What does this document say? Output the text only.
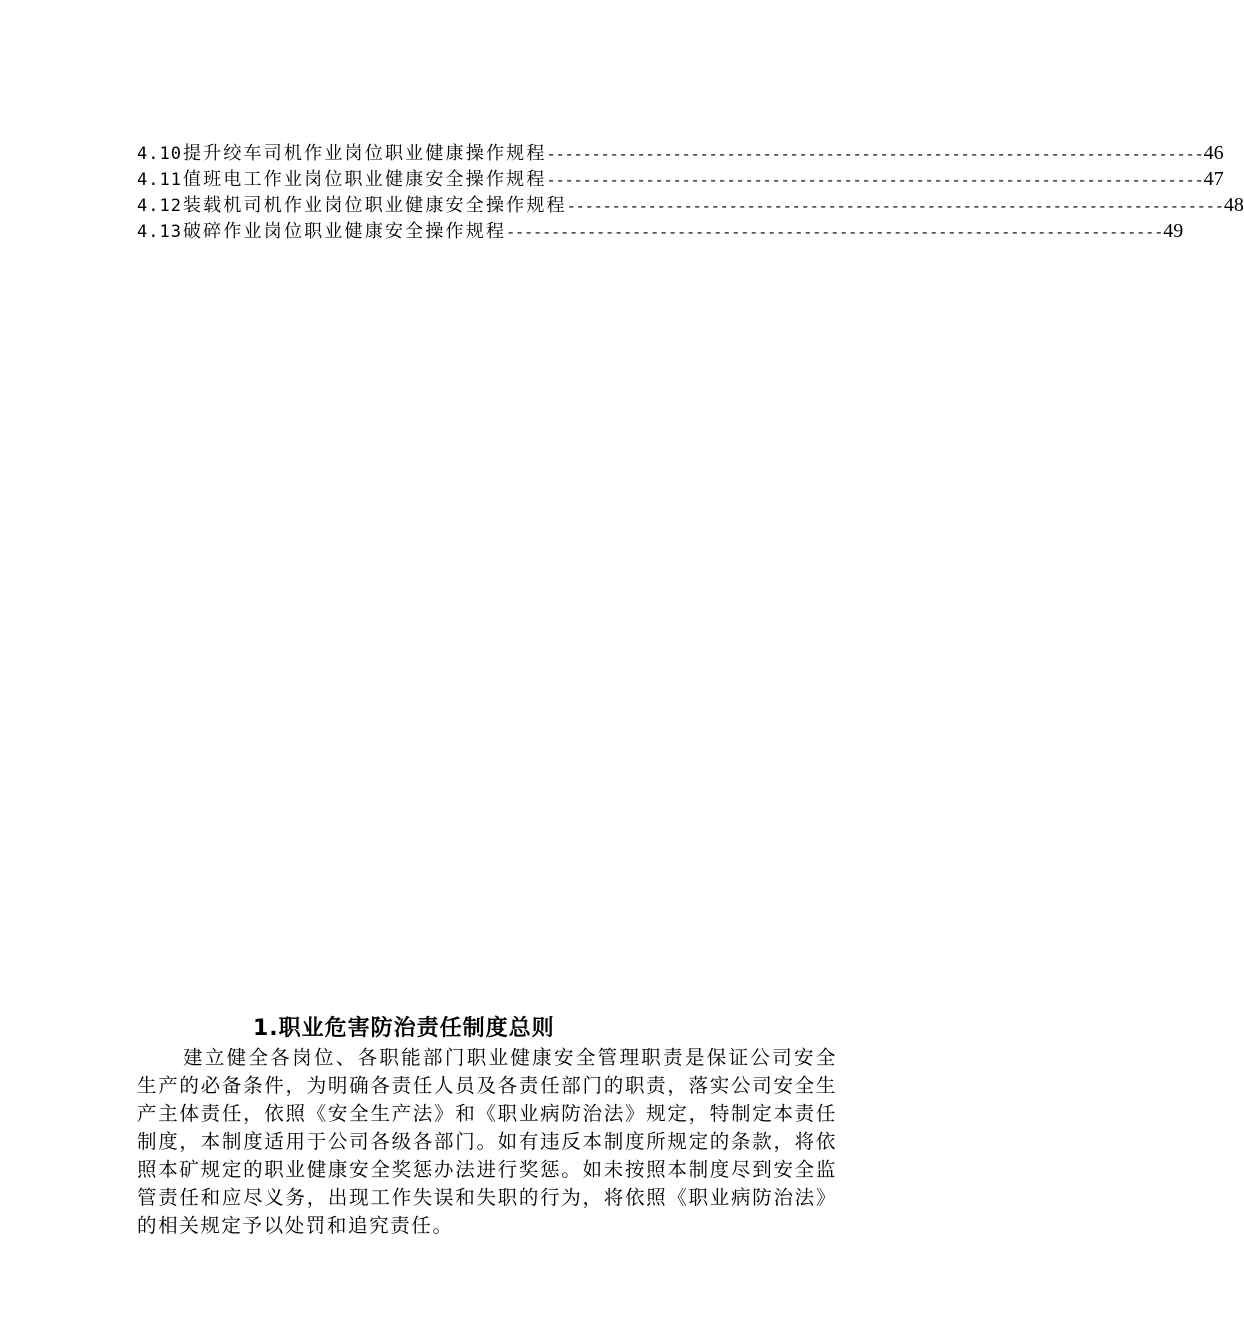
4.10 提升绞车司机作业岗位职业健康操作规程 ------------------------------------------------------------------------- 46
4.11 值班电工作业岗位职业健康安全操作规程 ------------------------------------------------------------------------- 47
4.12 装载机司机作业岗位职业健康安全操作规程 ------------------------------------------------------------------------- 48
4.13 破碎作业岗位职业健康安全操作规程 ------------------------------------------------------------------------- 49
1.职业危害防治责任制度总则

建立健全各岗位、各职能部门职业健康安全管理职责是保证公司安全生产的必备条件，为明确各责任人员及各责任部门的职责，落实公司安全生产主体责任，依照《安全生产法》和《职业病防治法》规定，特制定本责任制度，本制度适用于公司各级各部门。如有违反本制度所规定的条款，将依照本矿规定的职业健康安全奖惩办法进行奖惩。如未按照本制度尽到安全监管责任和应尽义务，出现工作失误和失职的行为，将依照《职业病防治法》的相关规定予以处罚和追究责任。
